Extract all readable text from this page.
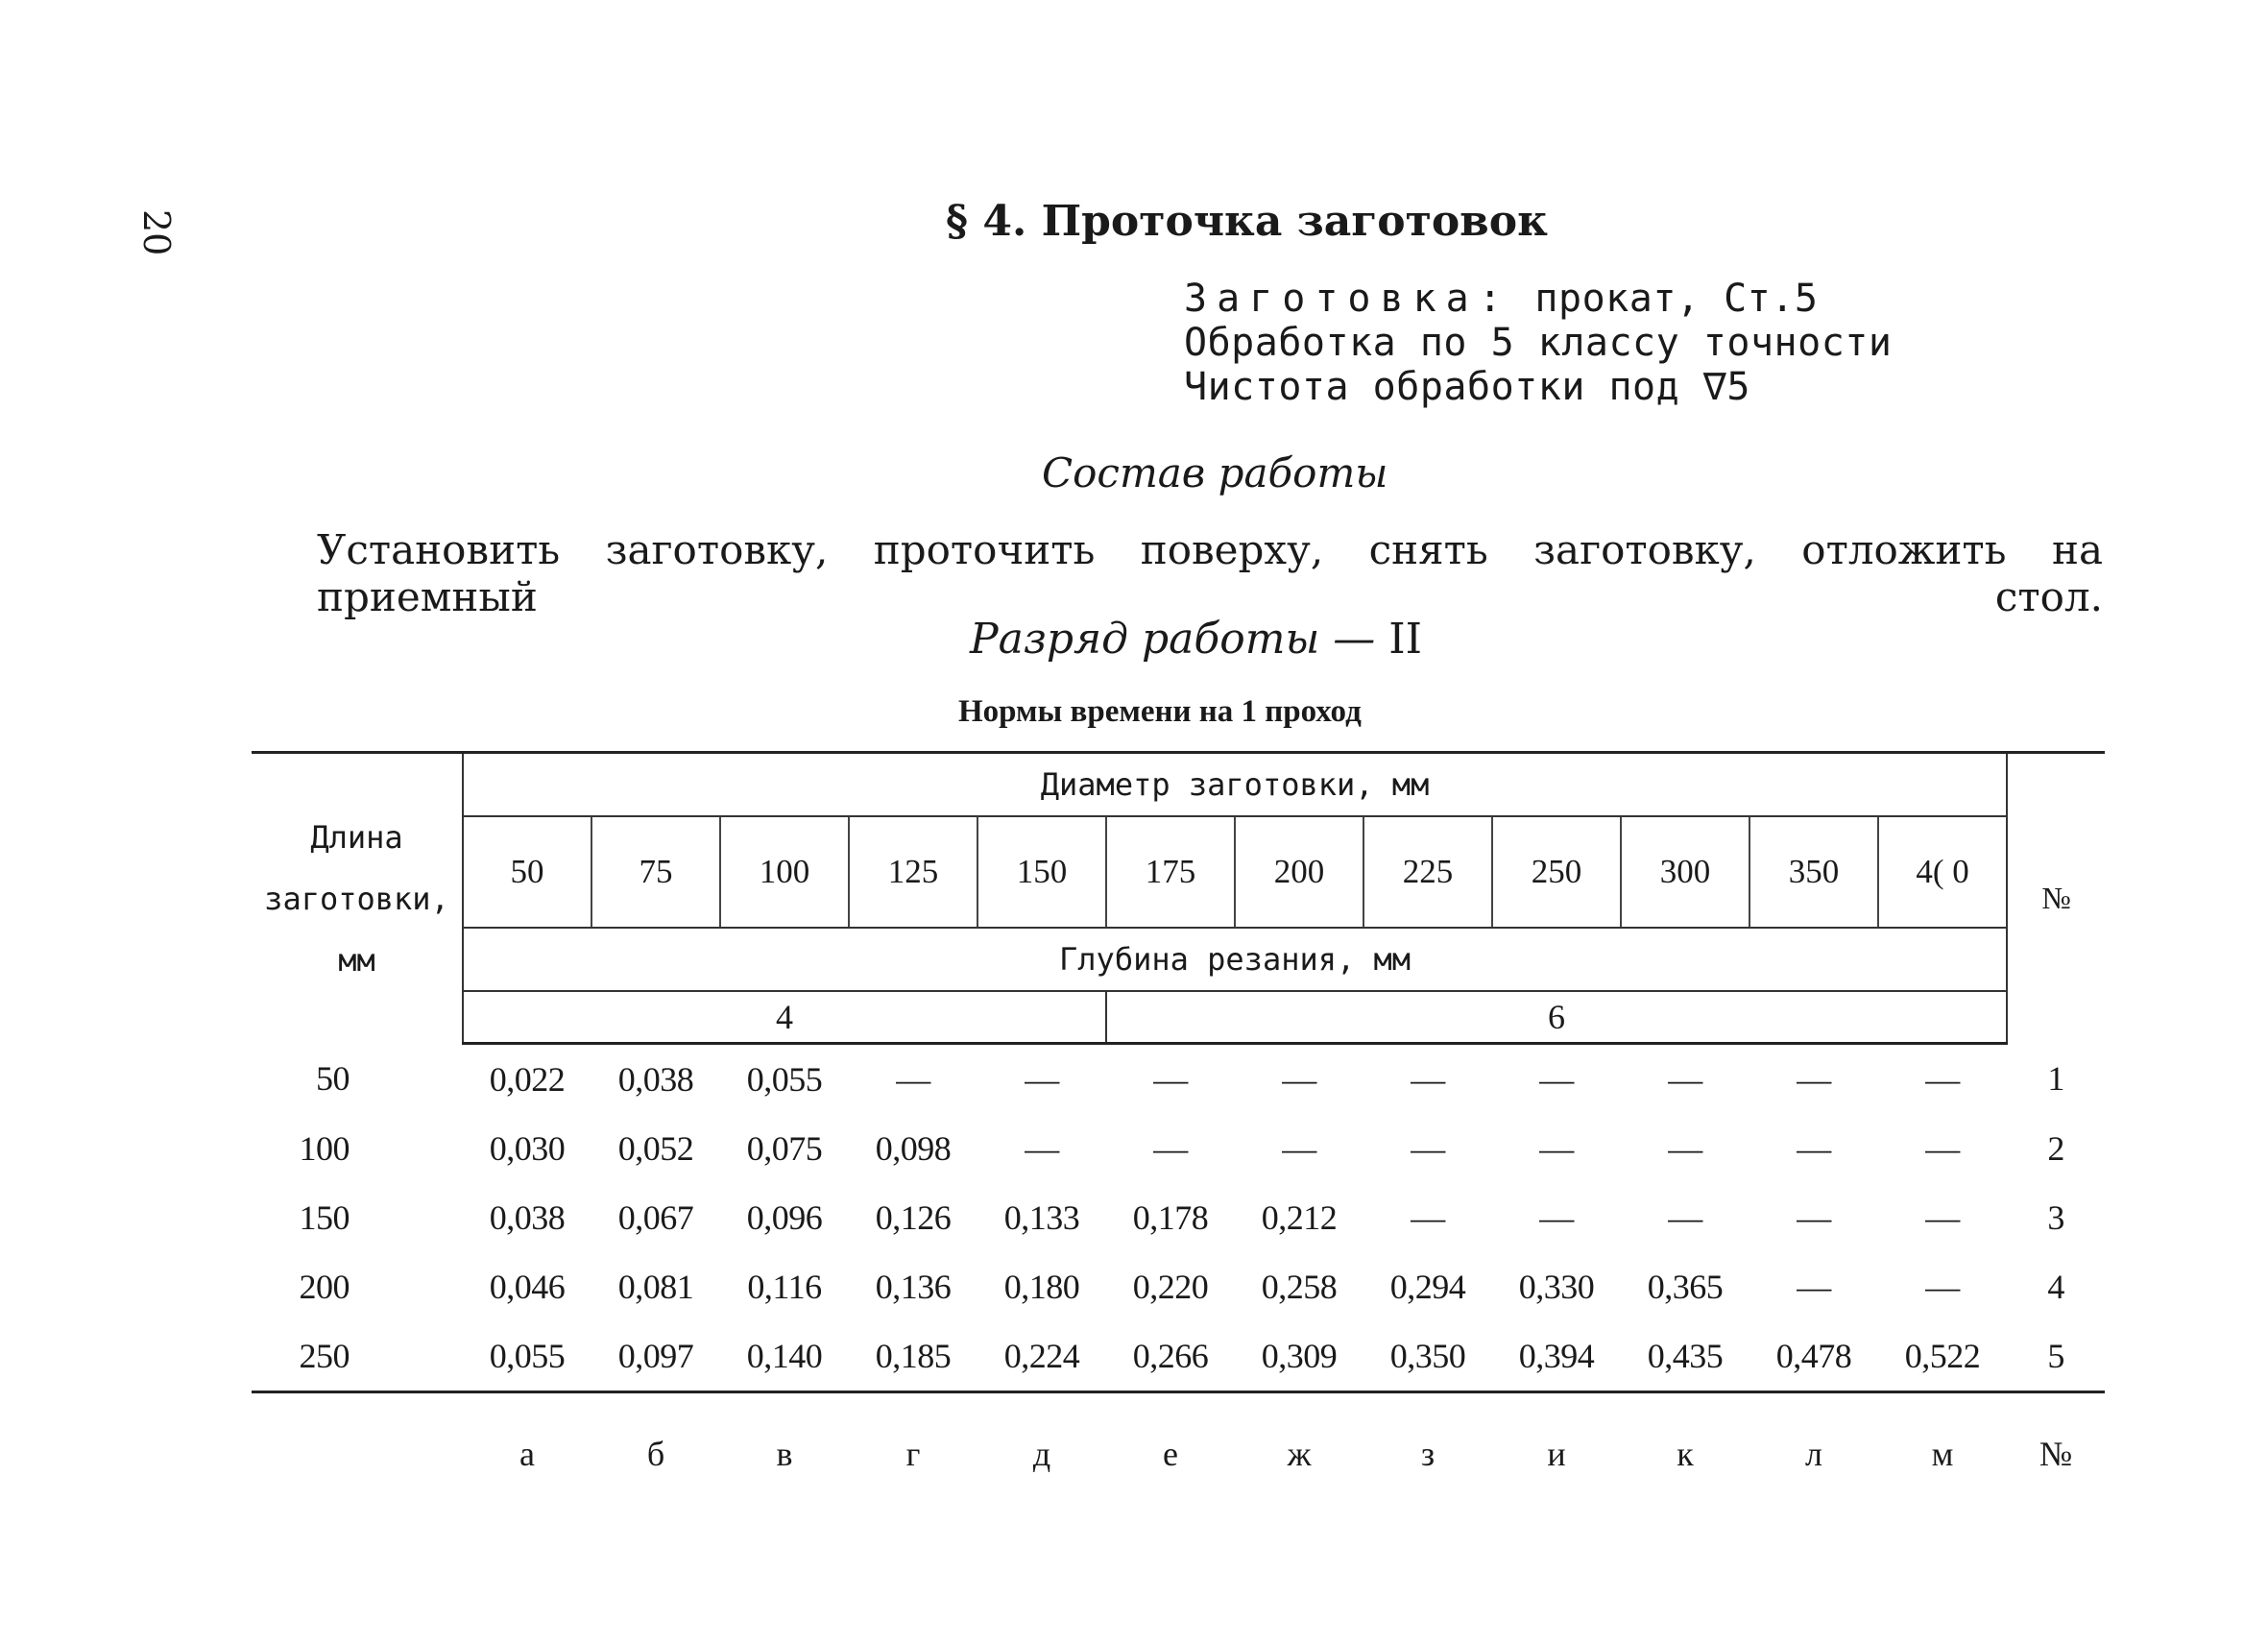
20	§ 4. Проточка заготовок
Заготовка: прокат, Ст.5
Обработка по 5 классу точности
Чистота обработки под ∇5
Состав работы
Установить заготовку, проточить поверху, снять заготовку, отложить на приемный стол.
Разряд работы — II
Нормы времени на 1 проход
Длина заготовки, мм	Диаметр заготовки, мм												№
	50	75	100	125	150	175	200	225	250	300	350	4( 0	
	Глубина резания, мм												
	4					6							
50	0,022	0,038	0,055	—	—	—	—	—	—	—	—	—	1
100	0,030	0,052	0,075	0,098	—	—	—	—	—	—	—	—	2
150	0,038	0,067	0,096	0,126	0,133	0,178	0,212	—	—	—	—	—	3
200	0,046	0,081	0,116	0,136	0,180	0,220	0,258	0,294	0,330	0,365	—	—	4
250	0,055	0,097	0,140	0,185	0,224	0,266	0,309	0,350	0,394	0,435	0,478	0,522	5
	а	б	в	г	д	е	ж	з	и	к	л	м	№
